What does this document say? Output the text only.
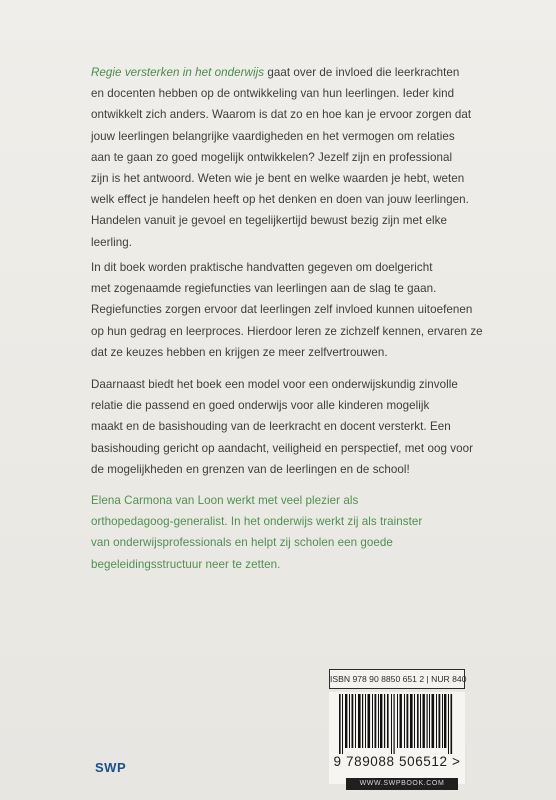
Regie versterken in het onderwijs gaat over de invloed die leerkrachten
en docenten hebben op de ontwikkeling van hun leerlingen. Ieder kind
ontwikkelt zich anders. Waarom is dat zo en hoe kan je ervoor zorgen dat
jouw leerlingen belangrijke vaardigheden en het vermogen om relaties
aan te gaan zo goed mogelijk ontwikkelen? Jezelf zijn en professional
zijn is het antwoord. Weten wie je bent en welke waarden je hebt, weten
welk effect je handelen heeft op het denken en doen van jouw leerlingen.
Handelen vanuit je gevoel en tegelijkertijd bewust bezig zijn met elke
leerling.
In dit boek worden praktische handvatten gegeven om doelgericht
met zogenaamde regiefuncties van leerlingen aan de slag te gaan.
Regiefuncties zorgen ervoor dat leerlingen zelf invloed kunnen uitoefenen
op hun gedrag en leerproces. Hierdoor leren ze zichzelf kennen, ervaren ze
dat ze keuzes hebben en krijgen ze meer zelfvertrouwen.
Daarnaast biedt het boek een model voor een onderwijskundig zinvolle
relatie die passend en goed onderwijs voor alle kinderen mogelijk
maakt en de basishouding van de leerkracht en docent versterkt. Een
basishouding gericht op aandacht, veiligheid en perspectief, met oog voor
de mogelijkheden en grenzen van de leerlingen en de school!
Elena Carmona van Loon werkt met veel plezier als
orthopedagoog-generalist. In het onderwijs werkt zij als trainster
van onderwijsprofessionals en helpt zij scholen een goede
begeleidingsstructuur neer te zetten.
ISBN 978 90 8850 651 2 | NUR 840
9 789088 506512 >
WWW.SWPBOOK.COM
SWP
